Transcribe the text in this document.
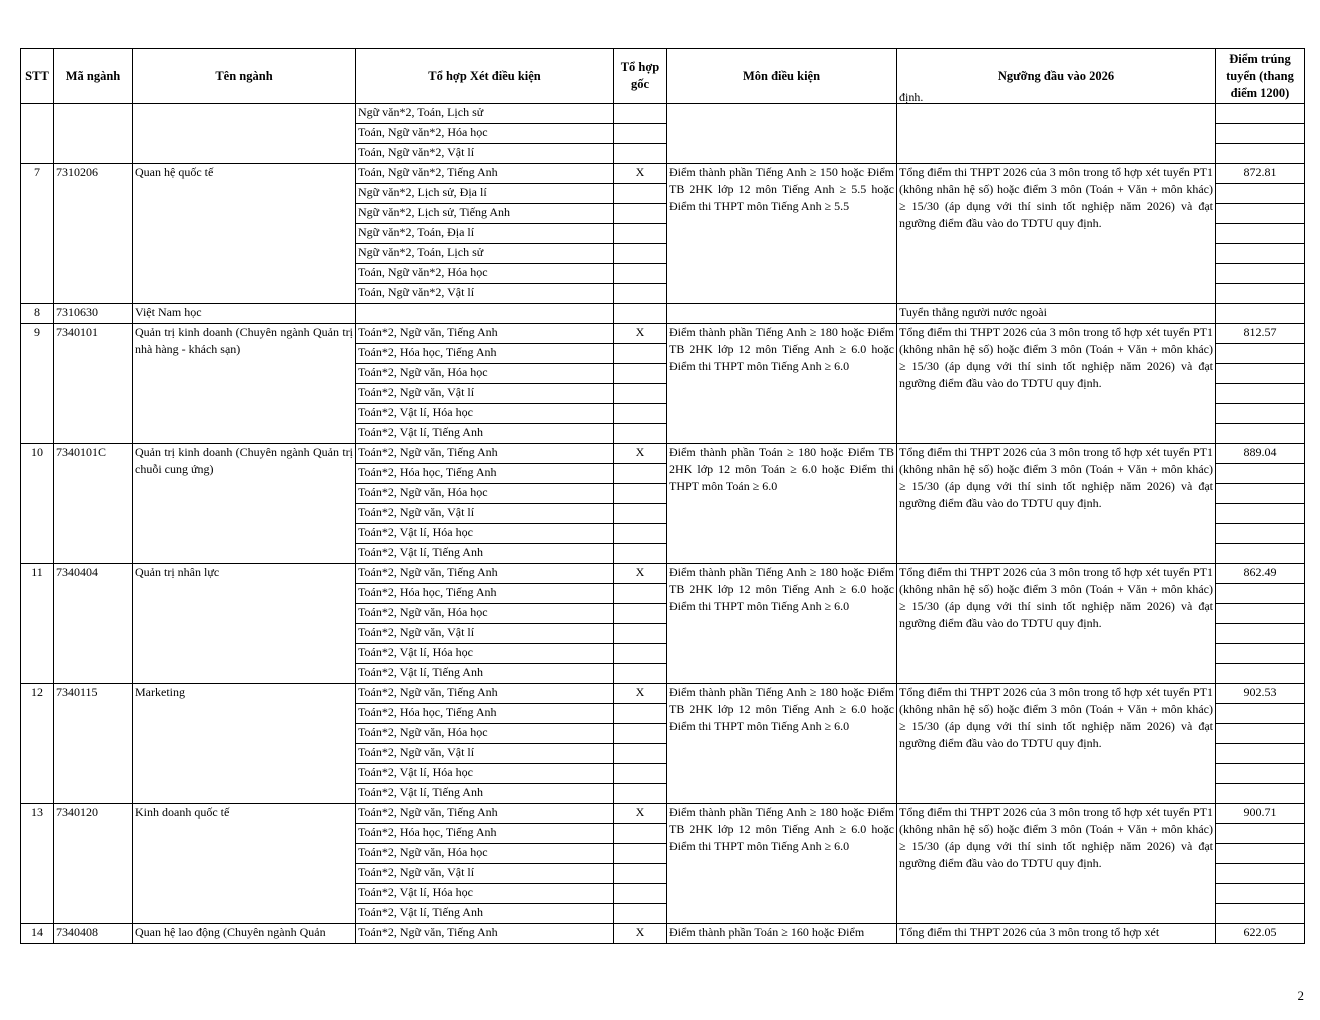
STT	Mã ngành	Tên ngành	Tổ hợp Xét điều kiện	Tổ hợp gốc	Môn điều kiện	Ngưỡng đầu vào 2026	Điểm trúng tuyển (thang điểm 1200)
			Ngữ văn*2, Toán, Lịch sử			định.	
			Toán, Ngữ văn*2, Hóa học				
			Toán, Ngữ văn*2, Vật lí				
7	7310206	Quan hệ quốc tế	Toán, Ngữ văn*2, Tiếng Anh	X	Điểm thành phần Tiếng Anh ≥ 150 hoặc Điểm TB 2HK lớp 12 môn Tiếng Anh ≥ 5.5 hoặc Điểm thi THPT môn Tiếng Anh ≥ 5.5	Tổng điểm thi THPT 2026 của 3 môn trong tổ hợp xét tuyển PT1 (không nhân hệ số) hoặc điểm 3 môn (Toán + Văn + môn khác) ≥ 15/30 (áp dụng với thí sinh tốt nghiệp năm 2026) và đạt ngưỡng điểm đầu vào do TDTU quy định.	872.81
			Ngữ văn*2, Lịch sử, Địa lí				
			Ngữ văn*2, Lịch sử, Tiếng Anh				
			Ngữ văn*2, Toán, Địa lí				
			Ngữ văn*2, Toán, Lịch sử				
			Toán, Ngữ văn*2, Hóa học				
			Toán, Ngữ văn*2, Vật lí				
8	7310630	Việt Nam học				Tuyển thẳng người nước ngoài	
9	7340101	Quản trị kinh doanh (Chuyên ngành Quản trị nhà hàng - khách sạn)	Toán*2, Ngữ văn, Tiếng Anh	X	Điểm thành phần Tiếng Anh ≥ 180 hoặc Điểm TB 2HK lớp 12 môn Tiếng Anh ≥ 6.0 hoặc Điểm thi THPT môn Tiếng Anh ≥ 6.0	Tổng điểm thi THPT 2026 của 3 môn trong tổ hợp xét tuyển PT1 (không nhân hệ số) hoặc điểm 3 môn (Toán + Văn + môn khác) ≥ 15/30 (áp dụng với thí sinh tốt nghiệp năm 2026) và đạt ngưỡng điểm đầu vào do TDTU quy định.	812.57
			Toán*2, Hóa học, Tiếng Anh				
			Toán*2, Ngữ văn, Hóa học				
			Toán*2, Ngữ văn, Vật lí				
			Toán*2, Vật lí, Hóa học				
			Toán*2, Vật lí, Tiếng Anh				
10	7340101C	Quản trị kinh doanh (Chuyên ngành Quản trị chuỗi cung ứng)	Toán*2, Ngữ văn, Tiếng Anh	X	Điểm thành phần Toán ≥ 180 hoặc Điểm TB 2HK lớp 12 môn Toán ≥ 6.0 hoặc Điểm thi THPT môn Toán ≥ 6.0	Tổng điểm thi THPT 2026 của 3 môn trong tổ hợp xét tuyển PT1 (không nhân hệ số) hoặc điểm 3 môn (Toán + Văn + môn khác) ≥ 15/30 (áp dụng với thí sinh tốt nghiệp năm 2026) và đạt ngưỡng điểm đầu vào do TDTU quy định.	889.04
			Toán*2, Hóa học, Tiếng Anh				
			Toán*2, Ngữ văn, Hóa học				
			Toán*2, Ngữ văn, Vật lí				
			Toán*2, Vật lí, Hóa học				
			Toán*2, Vật lí, Tiếng Anh				
11	7340404	Quản trị nhân lực	Toán*2, Ngữ văn, Tiếng Anh	X	Điểm thành phần Tiếng Anh ≥ 180 hoặc Điểm TB 2HK lớp 12 môn Tiếng Anh ≥ 6.0 hoặc Điểm thi THPT môn Tiếng Anh ≥ 6.0	Tổng điểm thi THPT 2026 của 3 môn trong tổ hợp xét tuyển PT1 (không nhân hệ số) hoặc điểm 3 môn (Toán + Văn + môn khác) ≥ 15/30 (áp dụng với thí sinh tốt nghiệp năm 2026) và đạt ngưỡng điểm đầu vào do TDTU quy định.	862.49
			Toán*2, Hóa học, Tiếng Anh				
			Toán*2, Ngữ văn, Hóa học				
			Toán*2, Ngữ văn, Vật lí				
			Toán*2, Vật lí, Hóa học				
			Toán*2, Vật lí, Tiếng Anh				
12	7340115	Marketing	Toán*2, Ngữ văn, Tiếng Anh	X	Điểm thành phần Tiếng Anh ≥ 180 hoặc Điểm TB 2HK lớp 12 môn Tiếng Anh ≥ 6.0 hoặc Điểm thi THPT môn Tiếng Anh ≥ 6.0	Tổng điểm thi THPT 2026 của 3 môn trong tổ hợp xét tuyển PT1 (không nhân hệ số) hoặc điểm 3 môn (Toán + Văn + môn khác) ≥ 15/30 (áp dụng với thí sinh tốt nghiệp năm 2026) và đạt ngưỡng điểm đầu vào do TDTU quy định.	902.53
			Toán*2, Hóa học, Tiếng Anh				
			Toán*2, Ngữ văn, Hóa học				
			Toán*2, Ngữ văn, Vật lí				
			Toán*2, Vật lí, Hóa học				
			Toán*2, Vật lí, Tiếng Anh				
13	7340120	Kinh doanh quốc tế	Toán*2, Ngữ văn, Tiếng Anh	X	Điểm thành phần Tiếng Anh ≥ 180 hoặc Điểm TB 2HK lớp 12 môn Tiếng Anh ≥ 6.0 hoặc Điểm thi THPT môn Tiếng Anh ≥ 6.0	Tổng điểm thi THPT 2026 của 3 môn trong tổ hợp xét tuyển PT1 (không nhân hệ số) hoặc điểm 3 môn (Toán + Văn + môn khác) ≥ 15/30 (áp dụng với thí sinh tốt nghiệp năm 2026) và đạt ngưỡng điểm đầu vào do TDTU quy định.	900.71
			Toán*2, Hóa học, Tiếng Anh				
			Toán*2, Ngữ văn, Hóa học				
			Toán*2, Ngữ văn, Vật lí				
			Toán*2, Vật lí, Hóa học				
			Toán*2, Vật lí, Tiếng Anh				
14	7340408	Quan hệ lao động (Chuyên ngành Quản	Toán*2, Ngữ văn, Tiếng Anh	X	Điểm thành phần Toán ≥ 160 hoặc Điểm	Tổng điểm thi THPT 2026 của 3 môn trong tổ hợp xét	622.05
2
